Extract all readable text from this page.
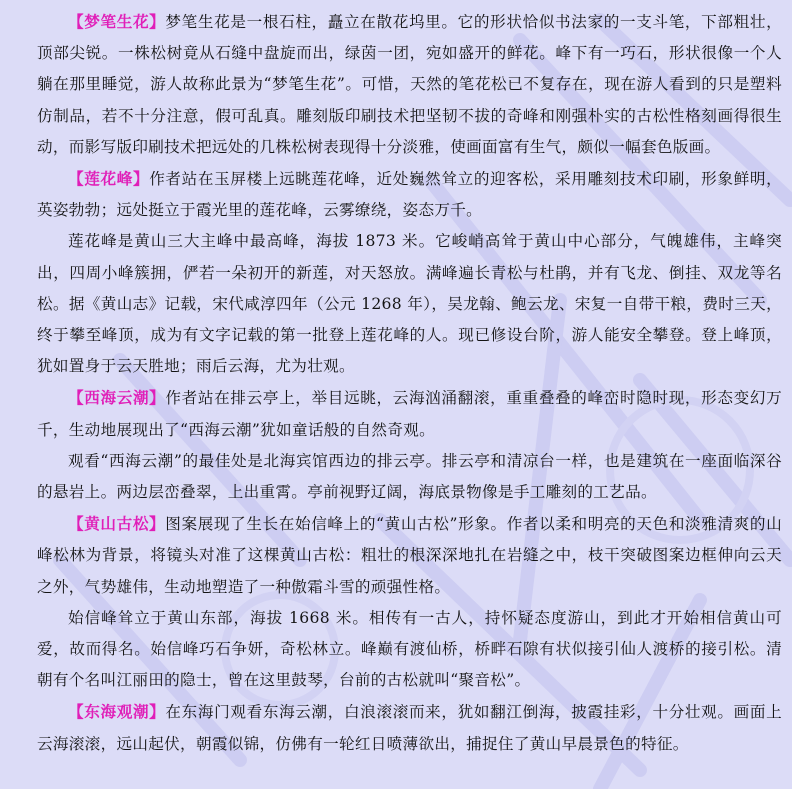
【梦笔生花】梦笔生花是一根石柱，矗立在散花坞里。它的形状恰似书法家的一支斗笔，下部粗壮，顶部尖锐。一株松树竟从石缝中盘旋而出，绿茵一团，宛如盛开的鲜花。峰下有一巧石，形状很像一个人躺在那里睡觉，游人故称此景为“梦笔生花”。可惜，天然的笔花松已不复存在，现在游人看到的只是塑料仿制品，若不十分注意，假可乱真。雕刻版印刷技术把坚韧不拔的奇峰和刚强朴实的古松性格刻画得很生动，而影写版印刷技术把远处的几株松树表现得十分淡雅，使画面富有生气，颇似一幅套色版画。

【莲花峰】作者站在玉屏楼上远眺莲花峰，近处巍然耸立的迎客松，采用雕刻技术印刷，形象鲜明，英姿勃勃；远处挺立于霞光里的莲花峰，云雾缭绕，姿态万千。

莲花峰是黄山三大主峰中最高峰，海拔 1873 米。它峻峭高耸于黄山中心部分，气魄雄伟，主峰突出，四周小峰簇拥，俨若一朵初开的新莲，对天怒放。满峰遍长青松与杜鹃，并有飞龙、倒挂、双龙等名松。据《黄山志》记载，宋代咸淳四年（公元 1268 年），吴龙翰、鲍云龙、宋复一自带干粮，费时三天，终于攀至峰顶，成为有文字记载的第一批登上莲花峰的人。现已修设台阶，游人能安全攀登。登上峰顶，犹如置身于云天胜地；雨后云海，尤为壮观。

【西海云潮】作者站在排云亭上，举目远眺，云海汹涌翻滚，重重叠叠的峰峦时隐时现，形态变幻万千，生动地展现出了“西海云潮”犹如童话般的自然奇观。

观看“西海云潮”的最佳处是北海宾馆西边的排云亭。排云亭和清凉台一样，也是建筑在一座面临深谷的悬岩上。两边层峦叠翠，上出重霄。亭前视野辽阔，海底景物像是手工雕刻的工艺品。

【黄山古松】图案展现了生长在始信峰上的“黄山古松”形象。作者以柔和明亮的天色和淡雅清爽的山峰松林为背景，将镜头对准了这棵黄山古松：粗壮的根深深地扎在岩缝之中，枝干突破图案边框伸向云天之外，气势雄伟，生动地塑造了一种傲霜斗雪的顽强性格。

始信峰耸立于黄山东部，海拔 1668 米。相传有一古人，持怀疑态度游山，到此才开始相信黄山可爱，故而得名。始信峰巧石争妍，奇松林立。峰巅有渡仙桥，桥畔石隙有状似接引仙人渡桥的接引松。清朝有个名叫江丽田的隐士，曾在这里鼓琴，台前的古松就叫“聚音松”。

【东海观潮】在东海门观看东海云潮，白浪滚滚而来，犹如翻江倒海，披霞挂彩，十分壮观。画面上云海滚滚，远山起伏，朝霞似锦，仿佛有一轮红日喷薄欲出，捕捉住了黄山早晨景色的特征。
